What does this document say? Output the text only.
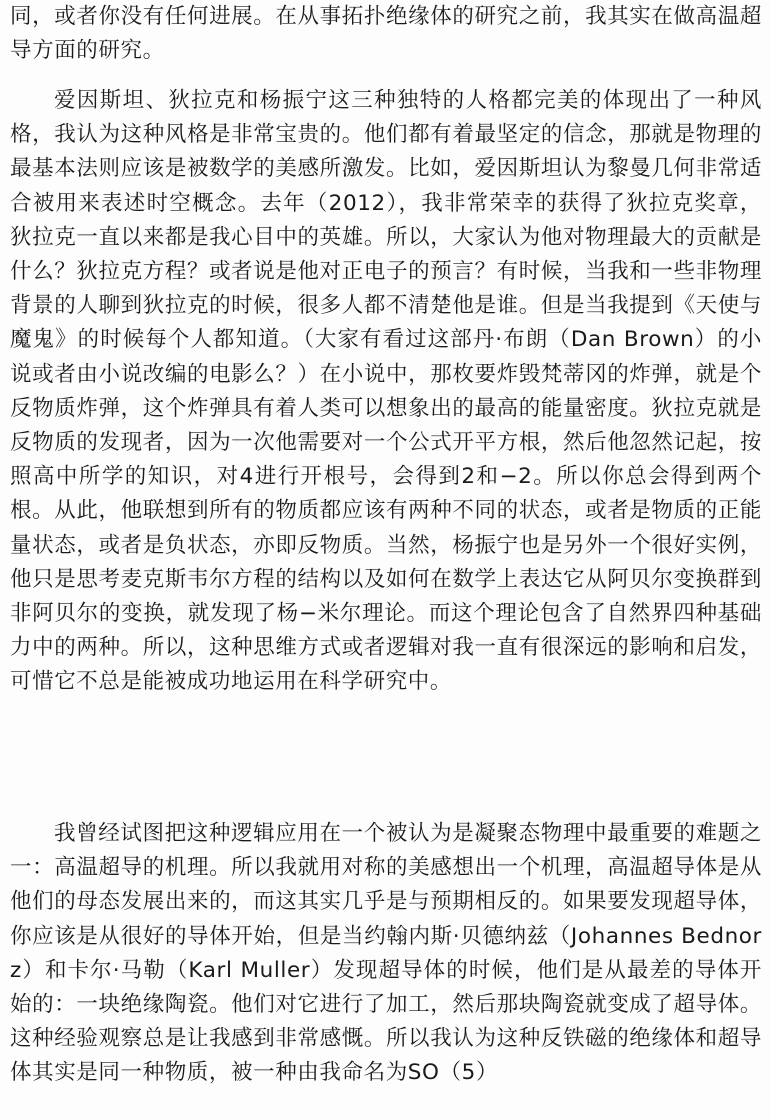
同，或者你没有任何进展。在从事拓扑绝缘体的研究之前，我其实在做高温超导方面的研究。

爱因斯坦、狄拉克和杨振宁这三种独特的人格都完美的体现出了一种风格，我认为这种风格是非常宝贵的。他们都有着最坚定的信念，那就是物理的最基本法则应该是被数学的美感所激发。比如，爱因斯坦认为黎曼几何非常适合被用来表述时空概念。去年（2012），我非常荣幸的获得了狄拉克奖章，狄拉克一直以来都是我心目中的英雄。所以，大家认为他对物理最大的贡献是什么？狄拉克方程？或者说是他对正电子的预言？有时候，当我和一些非物理背景的人聊到狄拉克的时候，很多人都不清楚他是谁。但是当我提到《天使与魔鬼》的时候每个人都知道。（大家有看过这部丹·布朗（Dan Brown）的小说或者由小说改编的电影么？）在小说中，那枚要炸毁梵蒂冈的炸弹，就是个反物质炸弹，这个炸弹具有着人类可以想象出的最高的能量密度。狄拉克就是反物质的发现者，因为一次他需要对一个公式开平方根，然后他忽然记起，按照高中所学的知识，对4进行开根号，会得到2和−2。所以你总会得到两个根。从此，他联想到所有的物质都应该有两种不同的状态，或者是物质的正能量状态，或者是负状态，亦即反物质。当然，杨振宁也是另外一个很好实例，他只是思考麦克斯韦尔方程的结构以及如何在数学上表达它从阿贝尔变换群到非阿贝尔的变换，就发现了杨−米尔理论。而这个理论包含了自然界四种基础力中的两种。所以，这种思维方式或者逻辑对我一直有很深远的影响和启发，可惜它不总是能被成功地运用在科学研究中。

我曾经试图把这种逻辑应用在一个被认为是凝聚态物理中最重要的难题之一：高温超导的机理。所以我就用对称的美感想出一个机理，高温超导体是从他们的母态发展出来的，而这其实几乎是与预期相反的。如果要发现超导体，你应该是从很好的导体开始，但是当约翰内斯·贝德纳兹（Johannes Bednorz）和卡尔·马勒（Karl Muller）发现超导体的时候，他们是从最差的导体开始的：一块绝缘陶瓷。他们对它进行了加工，然后那块陶瓷就变成了超导体。这种经验观察总是让我感到非常感慨。所以我认为这种反铁磁的绝缘体和超导体其实是同一种物质，被一种由我命名为SO（5）
